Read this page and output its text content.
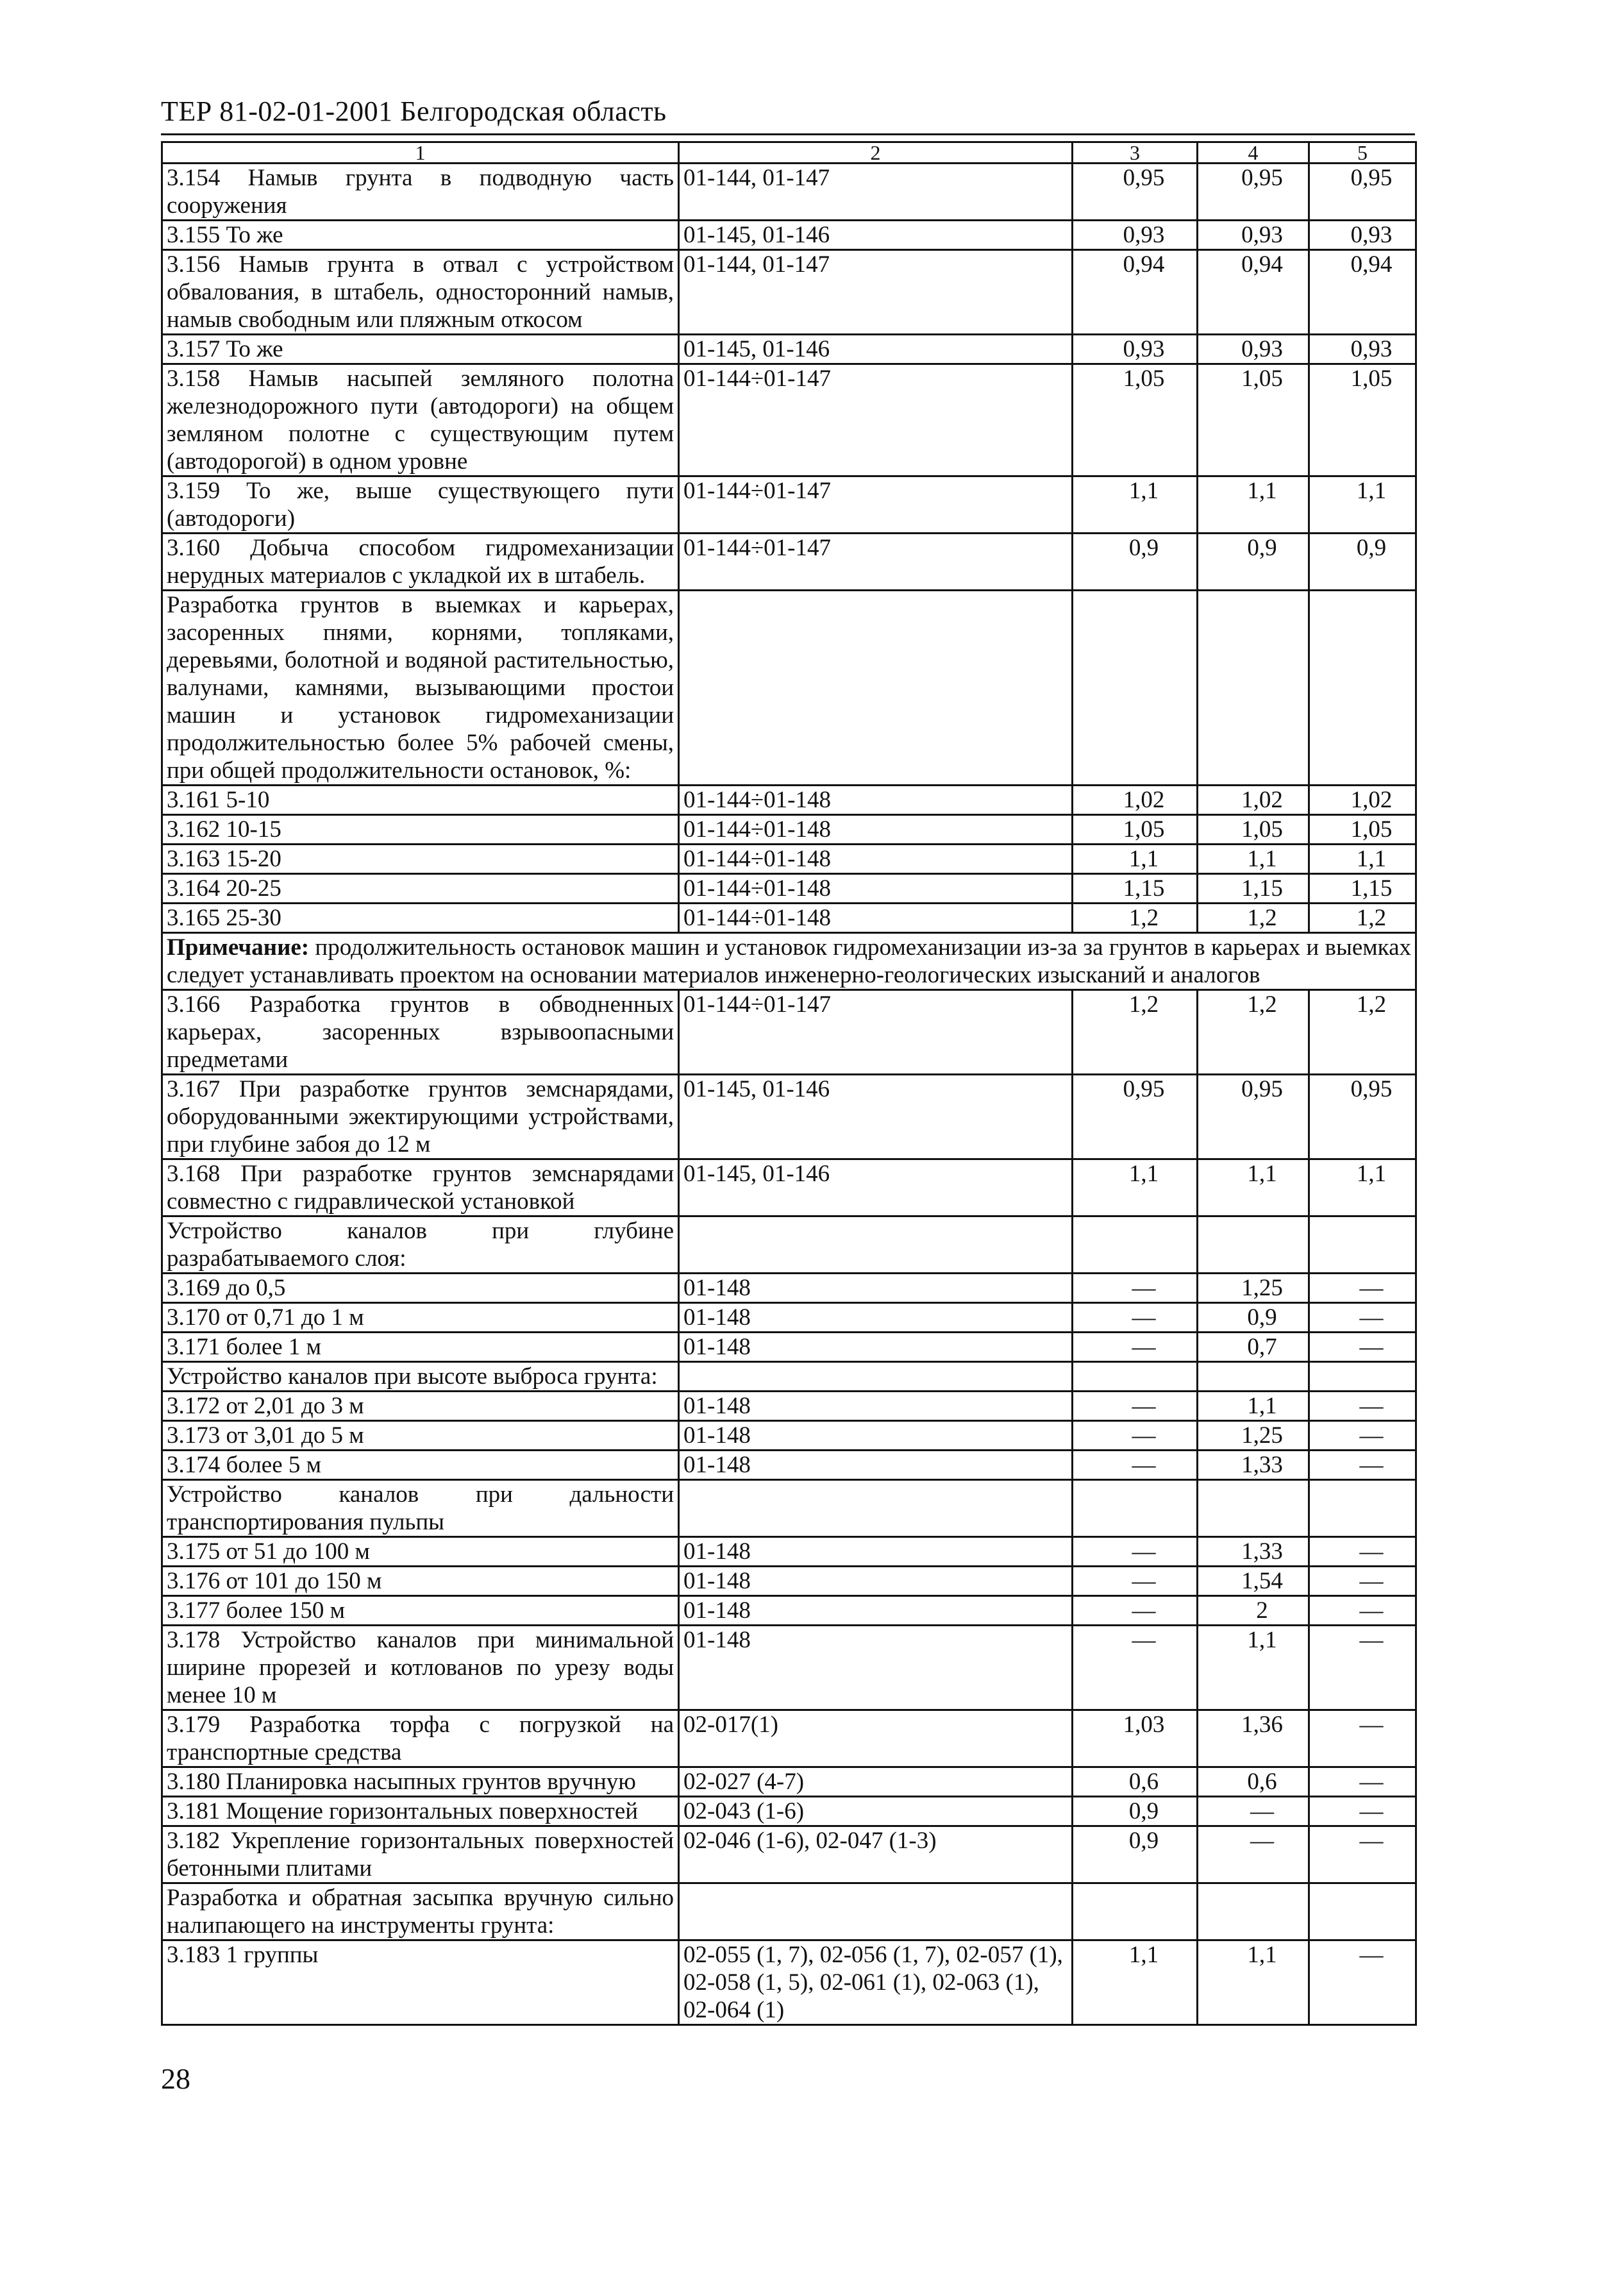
ТЕР 81-02-01-2001 Белгородская область
1	2	3	4	5
3.154 Намыв грунта в подводную часть сооружения	01-144, 01-147	0,95	0,95	0,95
3.155 То же	01-145, 01-146	0,93	0,93	0,93
3.156 Намыв грунта в отвал с устройством обвалования, в штабель, односторонний намыв, намыв свободным или пляжным откосом	01-144, 01-147	0,94	0,94	0,94
3.157 То же	01-145, 01-146	0,93	0,93	0,93
3.158 Намыв насыпей земляного полотна железнодорожного пути (автодороги) на общем земляном полотне с существующим путем (автодорогой) в одном уровне	01-144÷01-147	1,05	1,05	1,05
3.159 То же, выше существующего пути (автодороги)	01-144÷01-147	1,1	1,1	1,1
3.160 Добыча способом гидромеханизации нерудных материалов с укладкой их в штабель.	01-144÷01-147	0,9	0,9	0,9
Разработка грунтов в выемках и карьерах, засоренных пнями, корнями, топляками, деревьями, болотной и водяной растительностью, валунами, камнями, вызывающими простои машин и установок гидромеханизации продолжительностью более 5% рабочей смены, при общей продолжительности остановок, %:				
3.161 5-10	01-144÷01-148	1,02	1,02	1,02
3.162 10-15	01-144÷01-148	1,05	1,05	1,05
3.163 15-20	01-144÷01-148	1,1	1,1	1,1
3.164 20-25	01-144÷01-148	1,15	1,15	1,15
3.165 25-30	01-144÷01-148	1,2	1,2	1,2
Примечание: продолжительность остановок машин и установок гидромеханизации из-за за грунтов в карьерах и выемках следует устанавливать проектом на основании материалов инженерно-геологических изысканий и аналогов				
3.166 Разработка грунтов в обводненных карьерах, засоренных взрывоопасными предметами	01-144÷01-147	1,2	1,2	1,2
3.167 При разработке грунтов земснарядами, оборудованными эжектирующими устройствами, при глубине забоя до 12 м	01-145, 01-146	0,95	0,95	0,95
3.168 При разработке грунтов земснарядами совместно с гидравлической установкой	01-145, 01-146	1,1	1,1	1,1
Устройство каналов при глубине разрабатываемого слоя:				
3.169 до 0,5	01-148	—	1,25	—
3.170 от 0,71 до 1 м	01-148	—	0,9	—
3.171 более 1 м	01-148	—	0,7	—
Устройство каналов при высоте выброса грунта:				
3.172 от 2,01 до 3 м	01-148	—	1,1	—
3.173 от 3,01 до 5 м	01-148	—	1,25	—
3.174 более 5 м	01-148	—	1,33	—
Устройство каналов при дальности транспортирования пульпы				
3.175 от 51 до 100 м	01-148	—	1,33	—
3.176 от 101 до 150 м	01-148	—	1,54	—
3.177 более 150 м	01-148	—	2	—
3.178 Устройство каналов при минимальной ширине прорезей и котлованов по урезу воды менее 10 м	01-148	—	1,1	—
3.179 Разработка торфа с погрузкой на транспортные средства	02-017(1)	1,03	1,36	—
3.180 Планировка насыпных грунтов вручную	02-027 (4-7)	0,6	0,6	—
3.181 Мощение горизонтальных поверхностей	02-043 (1-6)	0,9	—	—
3.182 Укрепление горизонтальных поверхностей бетонными плитами	02-046 (1-6), 02-047 (1-3)	0,9	—	—
Разработка и обратная засыпка вручную сильно налипающего на инструменты грунта:				
3.183 1 группы	02-055 (1, 7), 02-056 (1, 7), 02-057 (1), 02-058 (1, 5), 02-061 (1), 02-063 (1), 02-064 (1)	1,1	1,1	—
28
